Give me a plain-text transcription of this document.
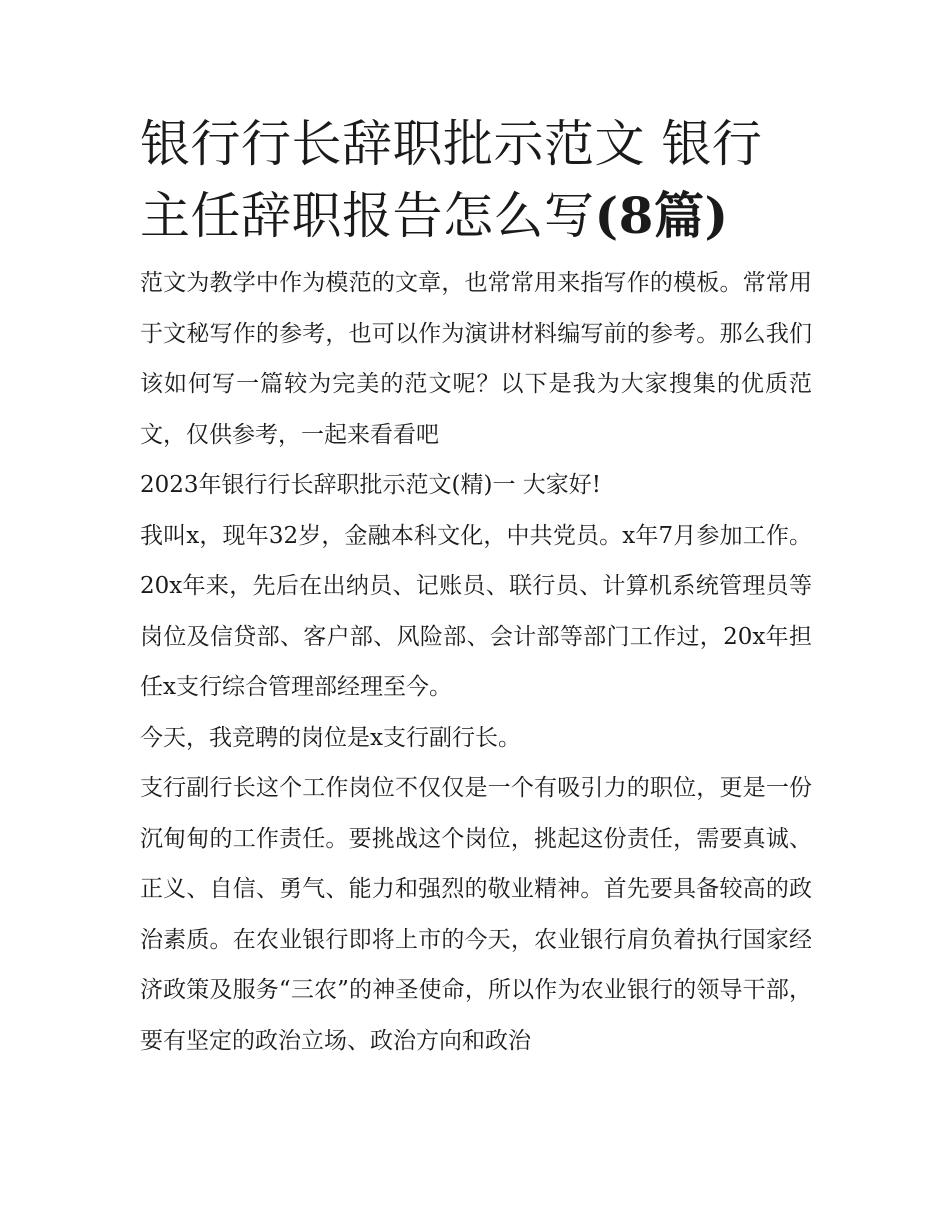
银行行长辞职批示范文 银行主任辞职报告怎么写(8篇)

范文为教学中作为模范的文章，也常常用来指写作的模板。常常用于文秘写作的参考，也可以作为演讲材料编写前的参考。那么我们该如何写一篇较为完美的范文呢？以下是我为大家搜集的优质范文，仅供参考，一起来看看吧

2023年银行行长辞职批示范文(精)一 大家好!

我叫x，现年32岁，金融本科文化，中共党员。x年7月参加工作。20x年来，先后在出纳员、记账员、联行员、计算机系统管理员等岗位及信贷部、客户部、风险部、会计部等部门工作过，20x年担任x支行综合管理部经理至今。

今天，我竞聘的岗位是x支行副行长。

支行副行长这个工作岗位不仅仅是一个有吸引力的职位，更是一份沉甸甸的工作责任。要挑战这个岗位，挑起这份责任，需要真诚、正义、自信、勇气、能力和强烈的敬业精神。首先要具备较高的政治素质。在农业银行即将上市的今天，农业银行肩负着执行国家经济政策及服务“三农”的神圣使命，所以作为农业银行的领导干部，要有坚定的政治立场、政治方向和政治
